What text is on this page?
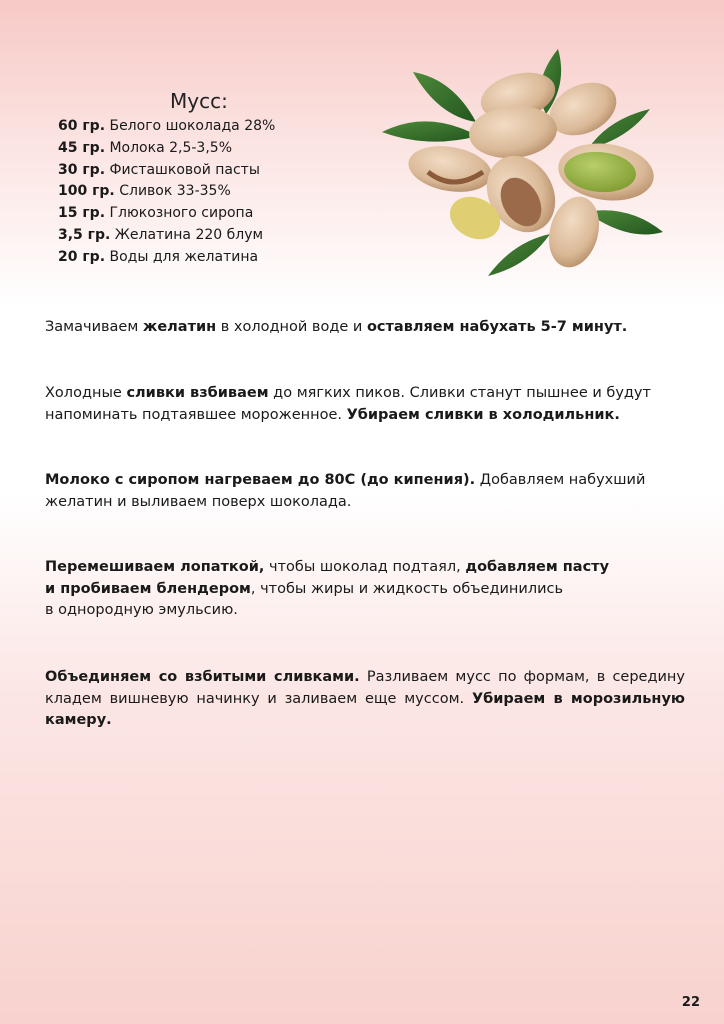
Мусс:
60 гр. Белого шоколада 28%
45 гр. Молока 2,5-3,5%
30 гр. Фисташковой пасты
100 гр. Сливок 33-35%
15 гр. Глюкозного сиропа
3,5 гр. Желатина 220 блум
20 гр. Воды для желатина

Замачиваем желатин в холодной воде и оставляем набухать 5-7 минут.

Холодные сливки взбиваем до мягких пиков. Сливки станут пышнее и будут напоминать подтаявшее мороженное. Убираем сливки в холодильник.

Молоко с сиропом нагреваем до 80С (до кипения). Добавляем набухший желатин и выливаем поверх шоколада.

Перемешиваем лопаткой, чтобы шоколад подтаял, добавляем пасту
и пробиваем блендером, чтобы жиры и жидкость объединились
в однородную эмульсию.

Объединяем со взбитыми сливками. Разливаем мусс по формам, в середину кладем вишневую начинку и заливаем еще муссом. Убираем в морозильную камеру.

22
